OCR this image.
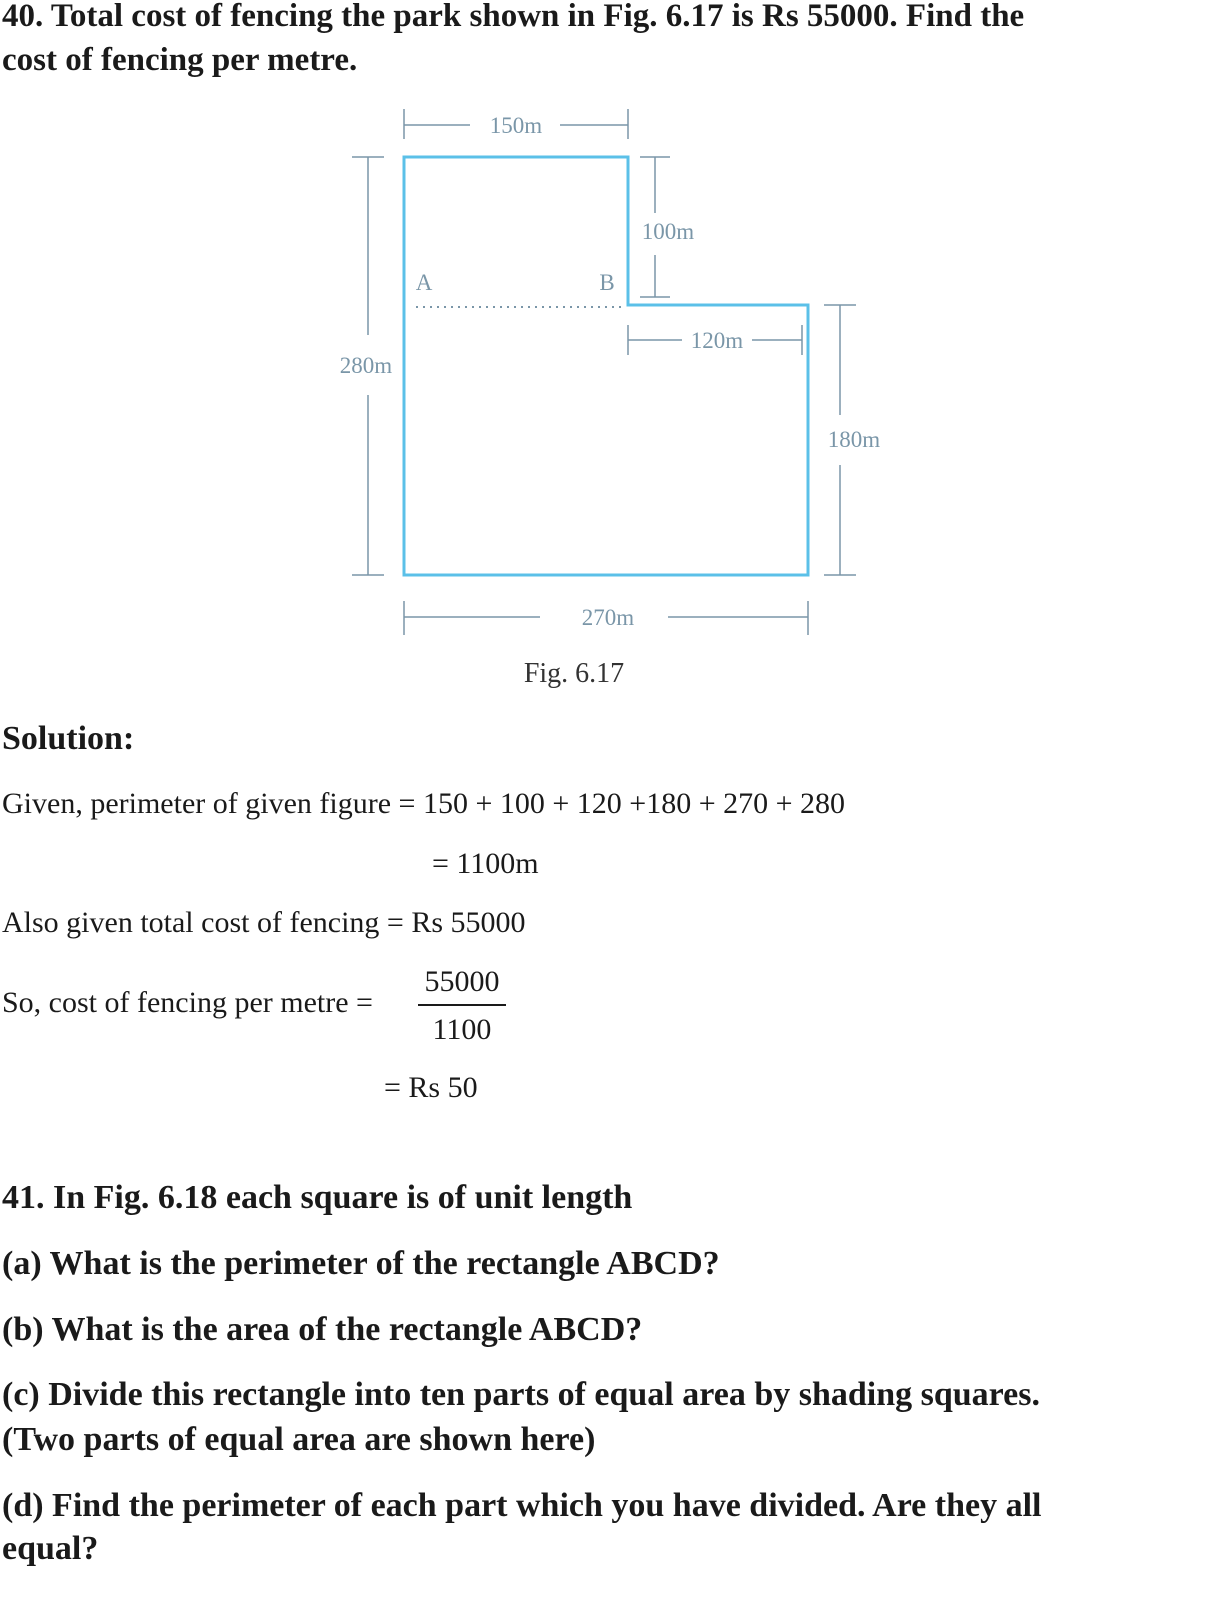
40. Total cost of fencing the park shown in Fig. 6.17 is Rs 55000. Find the

cost of fencing per metre.

150m
100m
A	B
120m
180m
280m
270m
Fig. 6.17

Solution:

Given, perimeter of given figure = 150 + 100 + 120 +180 + 270 + 280

= 1100m

Also given total cost of fencing = Rs 55000

So, cost of fencing per metre =

55000
1100

= Rs 50

41. In Fig. 6.18 each square is of unit length

(a) What is the perimeter of the rectangle ABCD?

(b) What is the area of the rectangle ABCD?

(c) Divide this rectangle into ten parts of equal area by shading squares.

(Two parts of equal area are shown here)

(d) Find the perimeter of each part which you have divided. Are they all

equal?
